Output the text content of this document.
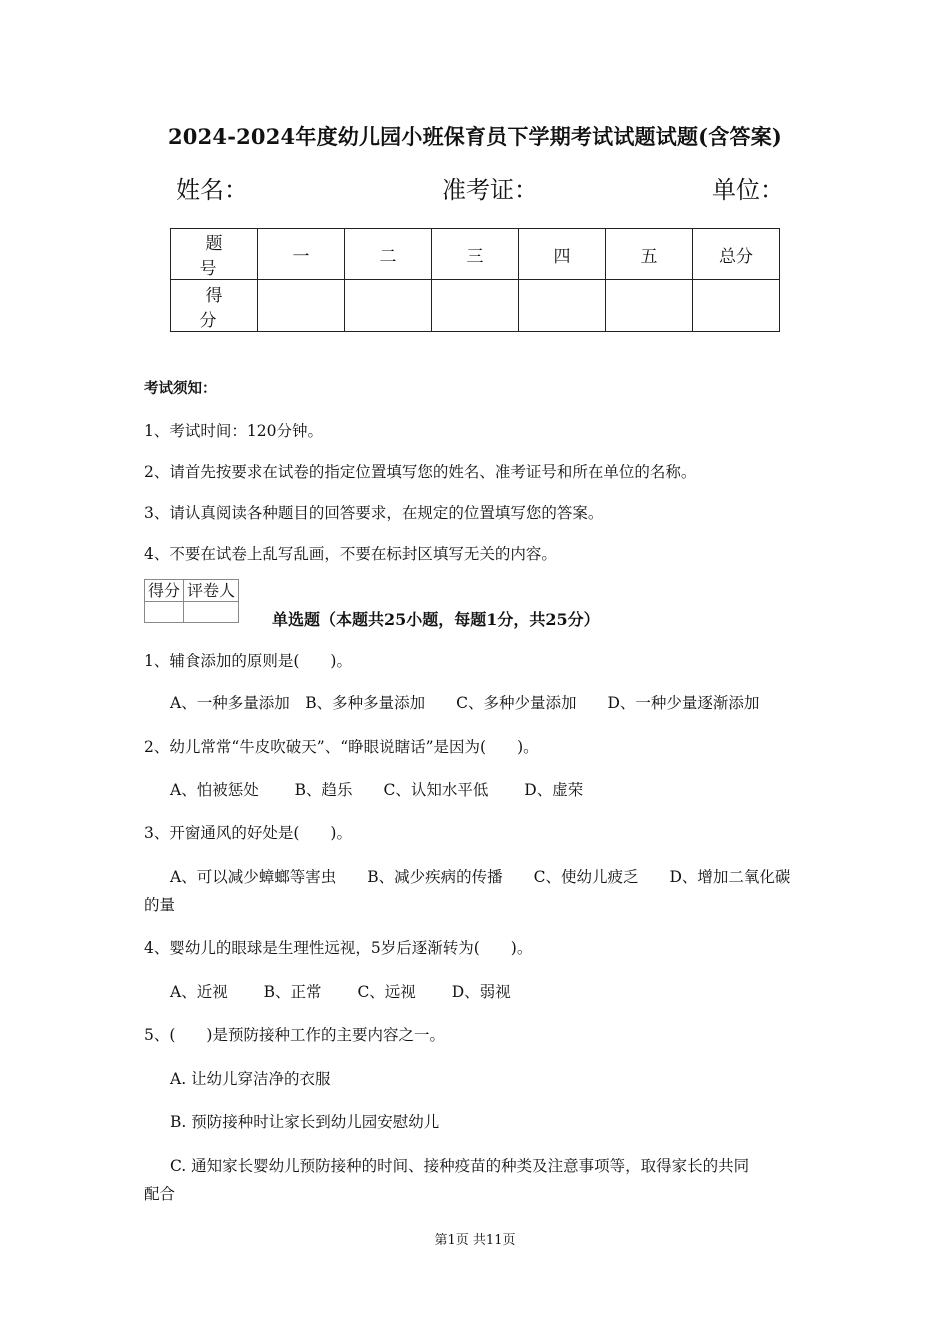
2024-2024年度幼儿园小班保育员下学期考试试题试题(含答案)
姓名：	准考证：	单位：
题　号	一	二	三	四	五	总分
得　分						
考试须知：
1、考试时间：120分钟。
2、请首先按要求在试卷的指定位置填写您的姓名、准考证号和所在单位的名称。
3、请认真阅读各种题目的回答要求，在规定的位置填写您的答案。
4、不要在试卷上乱写乱画，不要在标封区填写无关的内容。
得分	评卷人

单选题（本题共25小题，每题1分，共25分）
1、辅食添加的原则是(　　)。
A、一种多量添加　B、多种多量添加　　C、多种少量添加　　D、一种少量逐渐添加
2、幼儿常常“牛皮吹破天”、“睁眼说瞎话”是因为(　　)。
A、怕被惩处　　 B、趋乐　　C、认知水平低　　 D、虚荣
3、开窗通风的好处是(　　)。
A、可以减少蟑螂等害虫　　B、减少疾病的传播　　C、使幼儿疲乏　　D、增加二氧化碳
的量
4、婴幼儿的眼球是生理性远视，5岁后逐渐转为(　　)。
A、近视　　 B、正常　　 C、远视　　 D、弱视
5、(　　)是预防接种工作的主要内容之一。
A. 让幼儿穿洁净的衣服
B. 预防接种时让家长到幼儿园安慰幼儿
C. 通知家长婴幼儿预防接种的时间、接种疫苗的种类及注意事项等，取得家长的共同
配合
第1页 共11页
